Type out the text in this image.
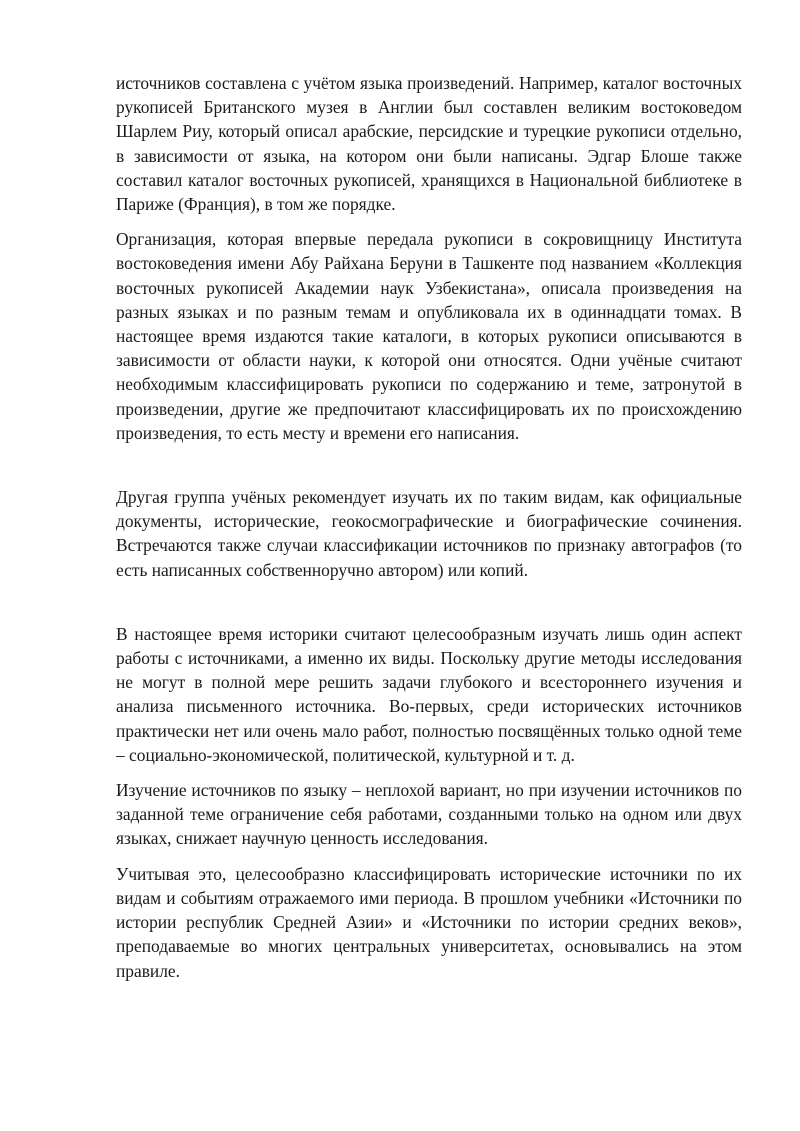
источников составлена с учётом языка произведений. Например, каталог восточных рукописей Британского музея в Англии был составлен великим востоковедом Шарлем Риу, который описал арабские, персидские и турецкие рукописи отдельно, в зависимости от языка, на котором они были написаны. Эдгар Блоше также составил каталог восточных рукописей, хранящихся в Национальной библиотеке в Париже (Франция), в том же порядке.

Организация, которая впервые передала рукописи в сокровищницу Института востоковедения имени Абу Райхана Беруни в Ташкенте под названием «Коллекция восточных рукописей Академии наук Узбекистана», описала произведения на разных языках и по разным темам и опубликовала их в одиннадцати томах. В настоящее время издаются такие каталоги, в которых рукописи описываются в зависимости от области науки, к которой они относятся. Одни учёные считают необходимым классифицировать рукописи по содержанию и теме, затронутой в произведении, другие же предпочитают классифицировать их по происхождению произведения, то есть месту и времени его написания.

Другая группа учёных рекомендует изучать их по таким видам, как официальные документы, исторические, геокосмографические и биографические сочинения. Встречаются также случаи классификации источников по признаку автографов (то есть написанных собственноручно автором) или копий.

В настоящее время историки считают целесообразным изучать лишь один аспект работы с источниками, а именно их виды. Поскольку другие методы исследования не могут в полной мере решить задачи глубокого и всестороннего изучения и анализа письменного источника. Во-первых, среди исторических источников практически нет или очень мало работ, полностью посвящённых только одной теме – социально-экономической, политической, культурной и т. д.

Изучение источников по языку – неплохой вариант, но при изучении источников по заданной теме ограничение себя работами, созданными только на одном или двух языках, снижает научную ценность исследования.

Учитывая это, целесообразно классифицировать исторические источники по их видам и событиям отражаемого ими периода. В прошлом учебники «Источники по истории республик Средней Азии» и «Источники по истории средних веков», преподаваемые во многих центральных университетах, основывались на этом правиле.
